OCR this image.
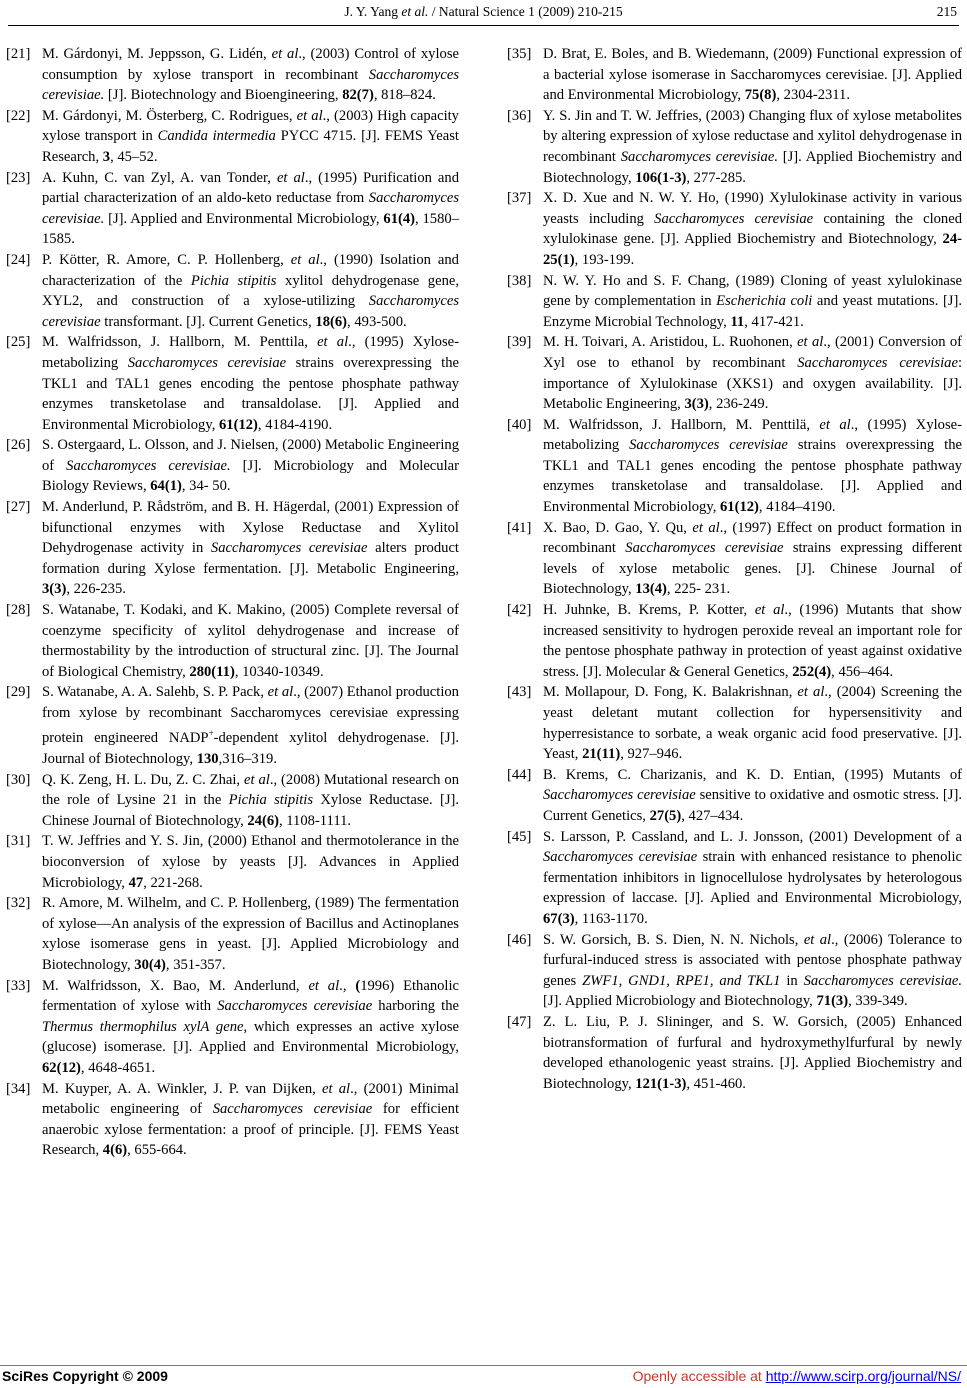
J. Y. Yang et al. / Natural Science 1 (2009) 210-215	215
[21] M. Gárdonyi, M. Jeppsson, G. Lidén, et al., (2003) Control of xylose consumption by xylose transport in recombinant Saccharomyces cerevisiae. [J]. Biotechnology and Bioengineering, 82(7), 818–824.
[22] M. Gárdonyi, M. Österberg, C. Rodrigues, et al., (2003) High capacity xylose transport in Candida intermedia PYCC 4715. [J]. FEMS Yeast Research, 3, 45–52.
[23] A. Kuhn, C. van Zyl, A. van Tonder, et al., (1995) Purification and partial characterization of an aldo-keto reductase from Saccharomyces cerevisiae. [J]. Applied and Environmental Microbiology, 61(4), 1580– 1585.
[24] P. Kötter, R. Amore, C. P. Hollenberg, et al., (1990) Isolation and characterization of the Pichia stipitis xylitol dehydrogenase gene, XYL2, and construction of a xylose-utilizing Saccharomyces cerevisiae transformant. [J]. Current Genetics, 18(6), 493-500.
[25] M. Walfridsson, J. Hallborn, M. Penttila, et al., (1995) Xylose-metabolizing Saccharomyces cerevisiae strains overexpressing the TKL1 and TAL1 genes encoding the pentose phosphate pathway enzymes transketolase and transaldolase. [J]. Applied and Environmental Microbiology, 61(12), 4184-4190.
[26] S. Ostergaard, L. Olsson, and J. Nielsen, (2000) Metabolic Engineering of Saccharomyces cerevisiae. [J]. Microbiology and Molecular Biology Reviews, 64(1), 34- 50.
[27] M. Anderlund, P. Rådström, and B. H. Hägerdal, (2001) Expression of bifunctional enzymes with Xylose Reductase and Xylitol Dehydrogenase activity in Saccharomyces cerevisiae alters product formation during Xylose fermentation. [J]. Metabolic Engineering, 3(3), 226-235.
[28] S. Watanabe, T. Kodaki, and K. Makino, (2005) Complete reversal of coenzyme specificity of xylitol dehydrogenase and increase of thermostability by the introduction of structural zinc. [J]. The Journal of Biological Chemistry, 280(11), 10340-10349.
[29] S. Watanabe, A. A. Salehb, S. P. Pack, et al., (2007) Ethanol production from xylose by recombinant Saccharomyces cerevisiae expressing protein engineered NADP+-dependent xylitol dehydrogenase. [J]. Journal of Biotechnology, 130,316–319.
[30] Q. K. Zeng, H. L. Du, Z. C. Zhai, et al., (2008) Mutational research on the role of Lysine 21 in the Pichia stipitis Xylose Reductase. [J]. Chinese Journal of Biotechnology, 24(6), 1108-1111.
[31] T. W. Jeffries and Y. S. Jin, (2000) Ethanol and thermotolerance in the bioconversion of xylose by yeasts [J]. Advances in Applied Microbiology, 47, 221-268.
[32] R. Amore, M. Wilhelm, and C. P. Hollenberg, (1989) The fermentation of xylose—An analysis of the expression of Bacillus and Actinoplanes xylose isomerase gens in yeast. [J]. Applied Microbiology and Biotechnology, 30(4), 351-357.
[33] M. Walfridsson, X. Bao, M. Anderlund, et al., (1996) Ethanolic fermentation of xylose with Saccharomyces cerevisiae harboring the Thermus thermophilus xylA gene, which expresses an active xylose (glucose) isomerase. [J]. Applied and Environmental Microbiology, 62(12), 4648-4651.
[34] M. Kuyper, A. A. Winkler, J. P. van Dijken, et al., (2001) Minimal metabolic engineering of Saccharomyces cerevisiae for efficient anaerobic xylose fermentation: a proof of principle. [J]. FEMS Yeast Research, 4(6), 655-664.
[35] D. Brat, E. Boles, and B. Wiedemann, (2009) Functional expression of a bacterial xylose isomerase in Saccharomyces cerevisiae. [J]. Applied and Environmental Microbiology, 75(8), 2304-2311.
[36] Y. S. Jin and T. W. Jeffries, (2003) Changing flux of xylose metabolites by altering expression of xylose reductase and xylitol dehydrogenase in recombinant Saccharomyces cerevisiae. [J]. Applied Biochemistry and Biotechnology, 106(1-3), 277-285.
[37] X. D. Xue and N. W. Y. Ho, (1990) Xylulokinase activity in various yeasts including Saccharomyces cerevisiae containing the cloned xylulokinase gene. [J]. Applied Biochemistry and Biotechnology, 24-25(1), 193-199.
[38] N. W. Y. Ho and S. F. Chang, (1989) Cloning of yeast xylulokinase gene by complementation in Escherichia coli and yeast mutations. [J]. Enzyme Microbial Technology, 11, 417-421.
[39] M. H. Toivari, A. Aristidou, L. Ruohonen, et al., (2001) Conversion of Xyl ose to ethanol by recombinant Saccharomyces cerevisiae: importance of Xylulokinase (XKS1) and oxygen availability. [J]. Metabolic Engineering, 3(3), 236-249.
[40] M. Walfridsson, J. Hallborn, M. Penttilä, et al., (1995) Xylose-metabolizing Saccharomyces cerevisiae strains overexpressing the TKL1 and TAL1 genes encoding the pentose phosphate pathway enzymes transketolase and transaldolase. [J]. Applied and Environmental Microbiology, 61(12), 4184–4190.
[41] X. Bao, D. Gao, Y. Qu, et al., (1997) Effect on product formation in recombinant Saccharomyces cerevisiae strains expressing different levels of xylose metabolic genes. [J]. Chinese Journal of Biotechnology, 13(4), 225- 231.
[42] H. Juhnke, B. Krems, P. Kotter, et al., (1996) Mutants that show increased sensitivity to hydrogen peroxide reveal an important role for the pentose phosphate pathway in protection of yeast against oxidative stress. [J]. Molecular & General Genetics, 252(4), 456–464.
[43] M. Mollapour, D. Fong, K. Balakrishnan, et al., (2004) Screening the yeast deletant mutant collection for hypersensitivity and hyperresistance to sorbate, a weak organic acid food preservative. [J]. Yeast, 21(11), 927–946.
[44] B. Krems, C. Charizanis, and K. D. Entian, (1995) Mutants of Saccharomyces cerevisiae sensitive to oxidative and osmotic stress. [J]. Current Genetics, 27(5), 427–434.
[45] S. Larsson, P. Cassland, and L. J. Jonsson, (2001) Development of a Saccharomyces cerevisiae strain with enhanced resistance to phenolic fermentation inhibitors in lignocellulose hydrolysates by heterologous expression of laccase. [J]. Aplied and Environmental Microbiology, 67(3), 1163-1170.
[46] S. W. Gorsich, B. S. Dien, N. N. Nichols, et al., (2006) Tolerance to furfural-induced stress is associated with pentose phosphate pathway genes ZWF1, GND1, RPE1, and TKL1 in Saccharomyces cerevisiae. [J]. Applied Microbiology and Biotechnology, 71(3), 339-349.
[47] Z. L. Liu, P. J. Slininger, and S. W. Gorsich, (2005) Enhanced biotransformation of furfural and hydroxymethylfurfural by newly developed ethanologenic yeast strains. [J]. Applied Biochemistry and Biotechnology, 121(1-3), 451-460.
SciRes Copyright © 2009	Openly accessible at http://www.scirp.org/journal/NS/
